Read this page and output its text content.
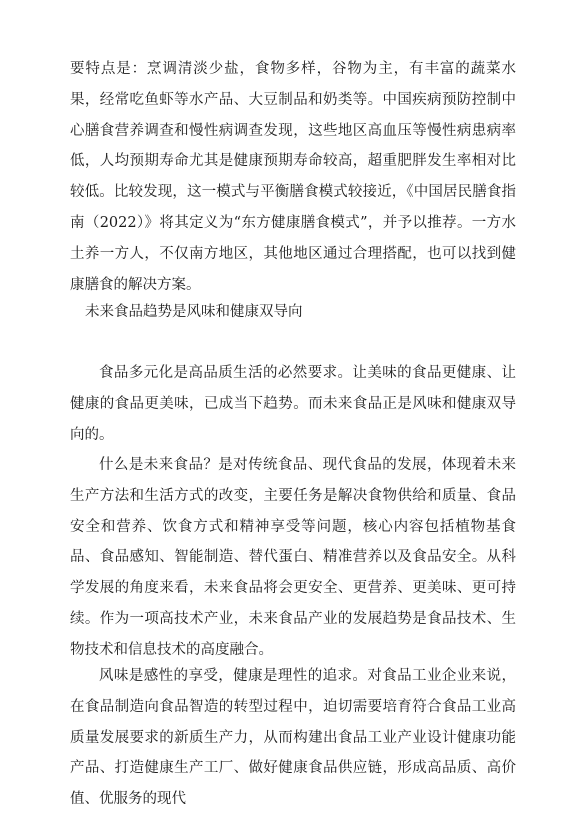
要特点是：烹调清淡少盐，食物多样，谷物为主，有丰富的蔬菜水果，经常吃鱼虾等水产品、大豆制品和奶类等。中国疾病预防控制中心膳食营养调查和慢性病调查发现，这些地区高血压等慢性病患病率低，人均预期寿命尤其是健康预期寿命较高，超重肥胖发生率相对比较低。比较发现，这一模式与平衡膳食模式较接近，《中国居民膳食指南（2022）》将其定义为“东方健康膳食模式”，并予以推荐。一方水土养一方人，不仅南方地区，其他地区通过合理搭配，也可以找到健康膳食的解决方案。

未来食品趋势是风味和健康双导向

食品多元化是高品质生活的必然要求。让美味的食品更健康、让健康的食品更美味，已成当下趋势。而未来食品正是风味和健康双导向的。

什么是未来食品？是对传统食品、现代食品的发展，体现着未来生产方法和生活方式的改变，主要任务是解决食物供给和质量、食品安全和营养、饮食方式和精神享受等问题，核心内容包括植物基食品、食品感知、智能制造、替代蛋白、精准营养以及食品安全。从科学发展的角度来看，未来食品将会更安全、更营养、更美味、更可持续。作为一项高技术产业，未来食品产业的发展趋势是食品技术、生物技术和信息技术的高度融合。

风味是感性的享受，健康是理性的追求。对食品工业企业来说，在食品制造向食品智造的转型过程中，迫切需要培育符合食品工业高质量发展要求的新质生产力，从而构建出食品工业产业设计健康功能产品、打造健康生产工厂、做好健康食品供应链，形成高品质、高价值、优服务的现代
